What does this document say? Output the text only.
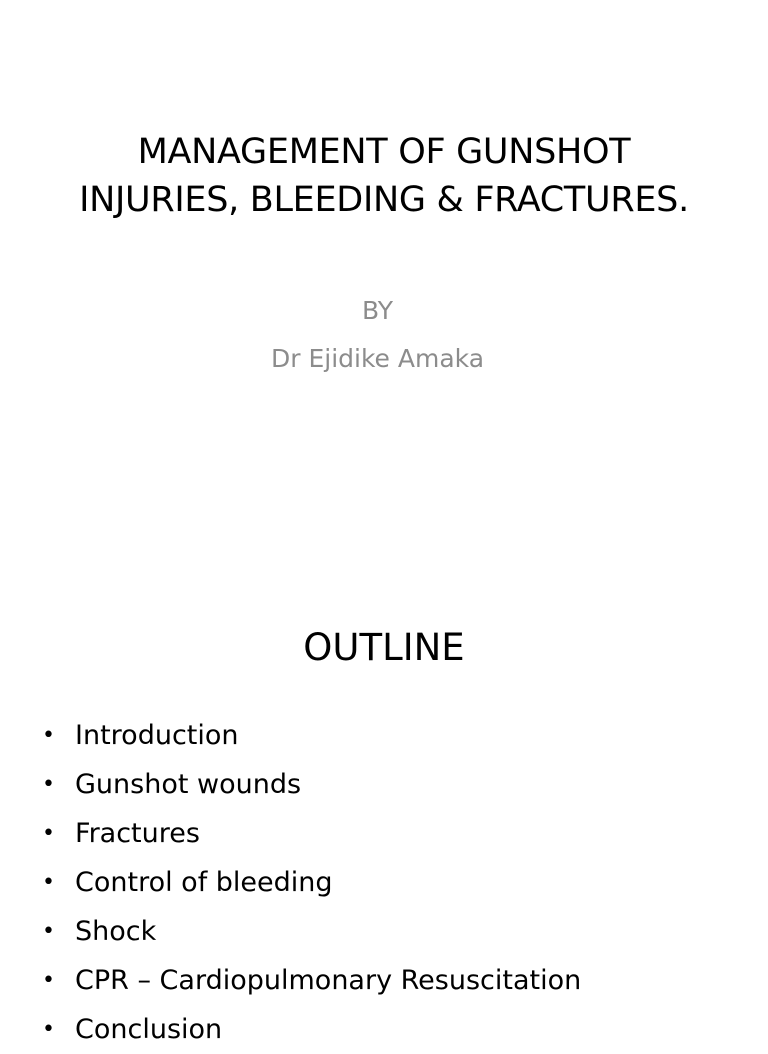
MANAGEMENT OF GUNSHOT
INJURIES, BLEEDING & FRACTURES.
BY
Dr Ejidike Amaka
OUTLINE
• Introduction
• Gunshot wounds
• Fractures
• Control of bleeding
• Shock
• CPR – Cardiopulmonary Resuscitation
• Conclusion
